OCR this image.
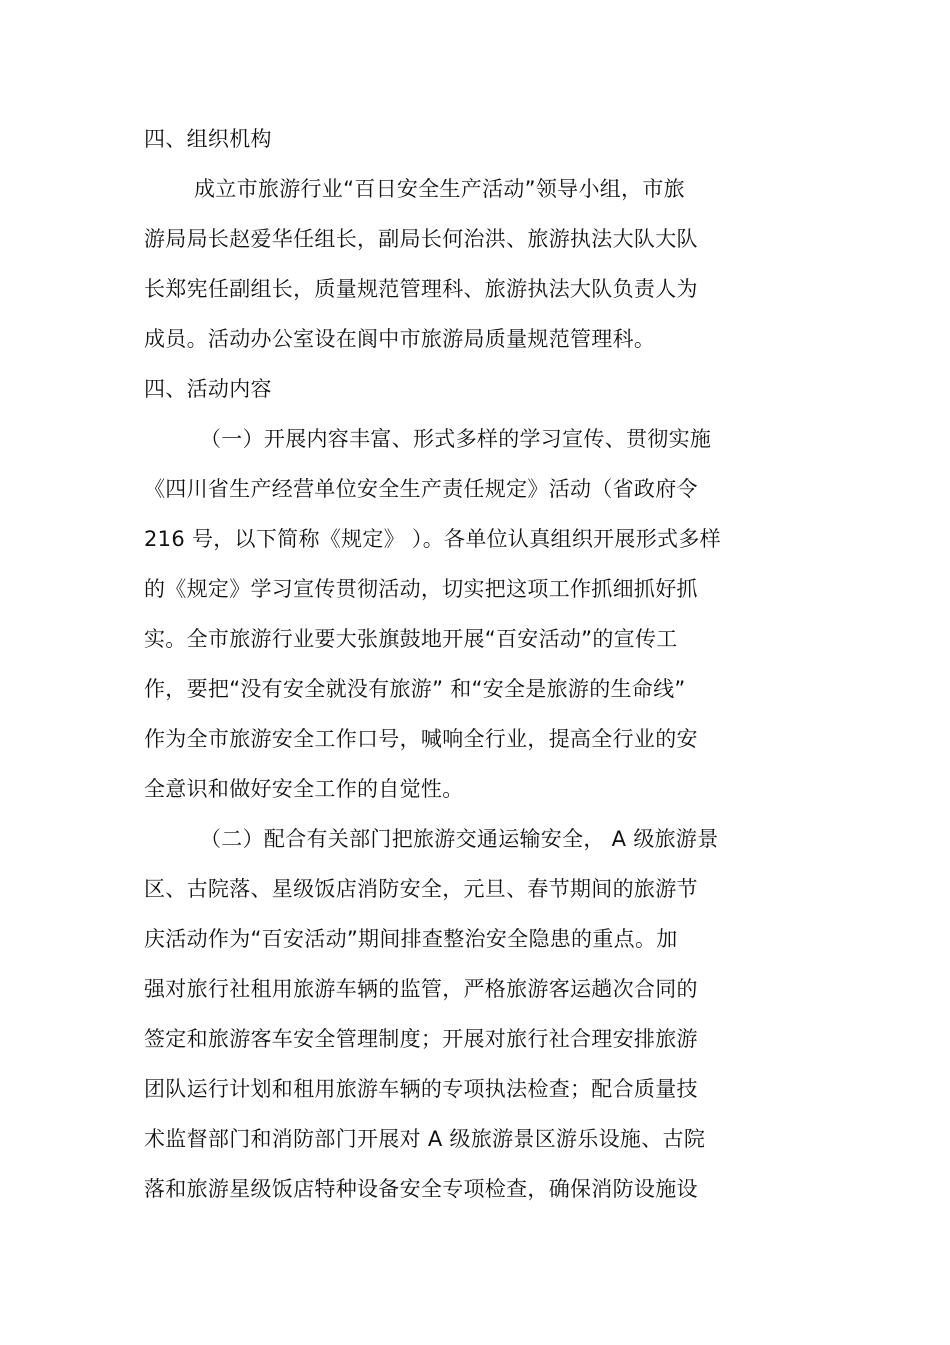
四、组织机构

成立市旅游行业“百日安全生产活动”领导小组，市旅

游局局长赵爱华任组长，副局长何治洪、旅游执法大队大队

长郑宪任副组长，质量规范管理科、旅游执法大队负责人为

成员。活动办公室设在阆中市旅游局质量规范管理科。

四、活动内容

（一）开展内容丰富、形式多样的学习宣传、贯彻实施

《四川省生产经营单位安全生产责任规定》活动（省政府令

216 号，以下简称《规定》 ）。各单位认真组织开展形式多样

的《规定》学习宣传贯彻活动，切实把这项工作抓细抓好抓

实。全市旅游行业要大张旗鼓地开展“百安活动”的宣传工

作，要把“没有安全就没有旅游” 和“安全是旅游的生命线”

作为全市旅游安全工作口号，喊响全行业，提高全行业的安

全意识和做好安全工作的自觉性。

（二）配合有关部门把旅游交通运输安全， A 级旅游景

区、古院落、星级饭店消防安全，元旦、春节期间的旅游节

庆活动作为“百安活动”期间排查整治安全隐患的重点。加

强对旅行社租用旅游车辆的监管，严格旅游客运趟次合同的

签定和旅游客车安全管理制度；开展对旅行社合理安排旅游

团队运行计划和租用旅游车辆的专项执法检查；配合质量技

术监督部门和消防部门开展对 A 级旅游景区游乐设施、古院

落和旅游星级饭店特种设备安全专项检查，确保消防设施设
